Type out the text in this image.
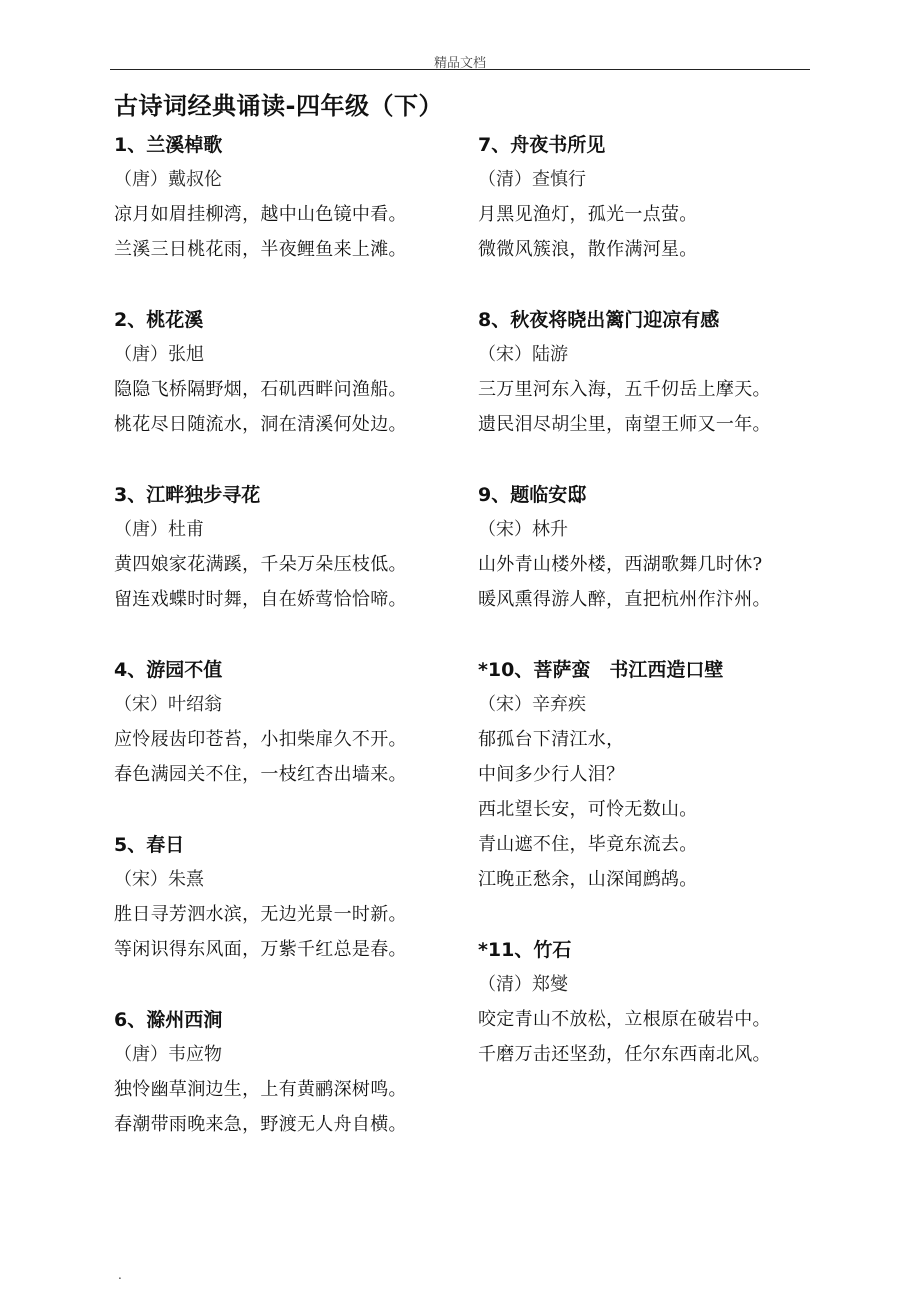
精品文档
古诗词经典诵读-四年级（下）
1、兰溪棹歌
（唐）戴叔伦
凉月如眉挂柳湾，越中山色镜中看。
兰溪三日桃花雨，半夜鲤鱼来上滩。
2、桃花溪
（唐）张旭
隐隐飞桥隔野烟，石矶西畔问渔船。
桃花尽日随流水，洞在清溪何处边。
3、江畔独步寻花
（唐）杜甫
黄四娘家花满蹊，千朵万朵压枝低。
留连戏蝶时时舞，自在娇莺恰恰啼。
4、游园不值
（宋）叶绍翁
应怜屐齿印苍苔，小扣柴扉久不开。
春色满园关不住，一枝红杏出墙来。
5、春日
（宋）朱熹
胜日寻芳泗水滨，无边光景一时新。
等闲识得东风面，万紫千红总是春。
6、滁州西涧
（唐）韦应物
独怜幽草涧边生，上有黄鹂深树鸣。
春潮带雨晚来急，野渡无人舟自横。
7、舟夜书所见
（清）查慎行
月黑见渔灯，孤光一点萤。
微微风簇浪，散作满河星。
8、秋夜将晓出篱门迎凉有感
（宋）陆游
三万里河东入海，五千仞岳上摩天。
遗民泪尽胡尘里，南望王师又一年。
9、题临安邸
（宋）林升
山外青山楼外楼，西湖歌舞几时休?
暖风熏得游人醉，直把杭州作汴州。
*10、菩萨蛮　书江西造口壁
（宋）辛弃疾
郁孤台下清江水，
中间多少行人泪？
西北望长安，可怜无数山。
青山遮不住，毕竟东流去。
江晚正愁余，山深闻鹧鸪。
*11、竹石
（清）郑燮
咬定青山不放松，立根原在破岩中。
千磨万击还坚劲，任尔东西南北风。
.
